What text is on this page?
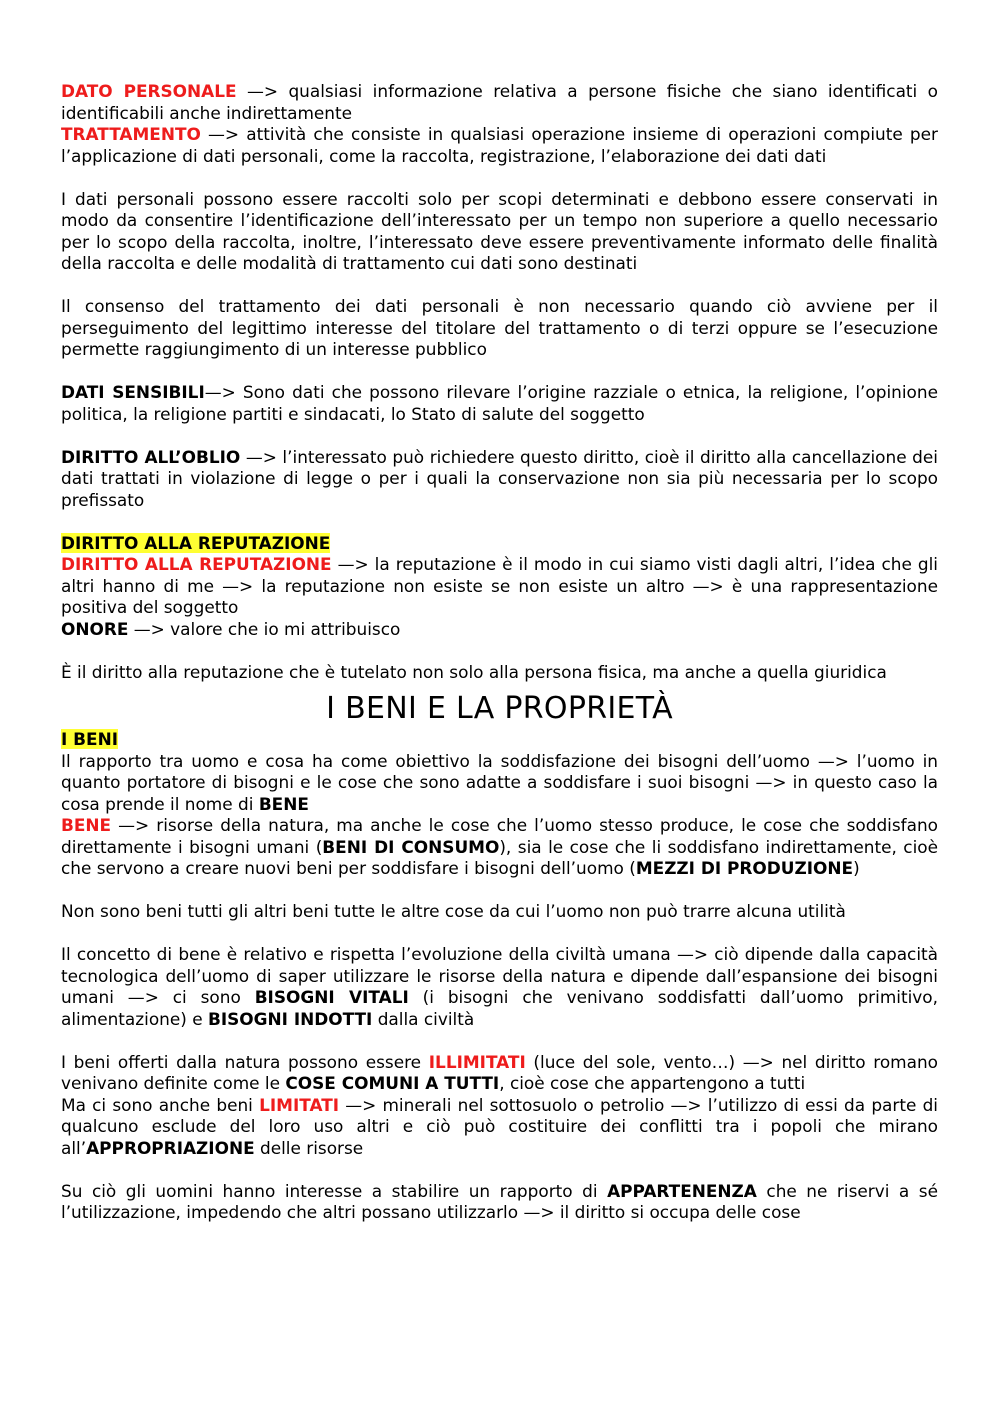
DATO PERSONALE —> qualsiasi informazione relativa a persone fisiche che siano identificati o identificabili anche indirettamente

TRATTAMENTO —> attività che consiste in qualsiasi operazione insieme di operazioni compiute per l’applicazione di dati personali, come la raccolta, registrazione, l’elaborazione dei dati dati

I dati personali possono essere raccolti solo per scopi determinati e debbono essere conservati in modo da consentire l’identificazione dell’interessato per un tempo non superiore a quello necessario per lo scopo della raccolta, inoltre, l’interessato deve essere preventivamente informato delle finalità della raccolta e delle modalità di trattamento cui dati sono destinati

Il consenso del trattamento dei dati personali è non necessario quando ciò avviene per il perseguimento del legittimo interesse del titolare del trattamento o di terzi oppure se l’esecuzione permette raggiungimento di un interesse pubblico

DATI SENSIBILI—> Sono dati che possono rilevare l’origine razziale o etnica, la religione, l’opinione politica, la religione partiti e sindacati, lo Stato di salute del soggetto

DIRITTO ALL’OBLIO —> l’interessato può richiedere questo diritto, cioè il diritto alla cancellazione dei dati trattati in violazione di legge o per i quali la conservazione non sia più necessaria per lo scopo prefissato

DIRITTO ALLA REPUTAZIONE

DIRITTO ALLA REPUTAZIONE —> la reputazione è il modo in cui siamo visti dagli altri, l’idea che gli altri hanno di me —> la reputazione non esiste se non esiste un altro —> è una rappresentazione positiva del soggetto

ONORE —> valore che io mi attribuisco

È il diritto alla reputazione che è tutelato non solo alla persona fisica, ma anche a quella giuridica

I BENI E LA PROPRIETÀ

I BENI

Il rapporto tra uomo e cosa ha come obiettivo la soddisfazione dei bisogni dell’uomo —> l’uomo in quanto portatore di bisogni e le cose che sono adatte a soddisfare i suoi bisogni —> in questo caso la cosa prende il nome di BENE

BENE —> risorse della natura, ma anche le cose che l’uomo stesso produce, le cose che soddisfano direttamente i bisogni umani (BENI DI CONSUMO), sia le cose che li soddisfano indirettamente, cioè che servono a creare nuovi beni per soddisfare i bisogni dell’uomo (MEZZI DI PRODUZIONE)

Non sono beni tutti gli altri beni tutte le altre cose da cui l’uomo non può trarre alcuna utilità

Il concetto di bene è relativo e rispetta l’evoluzione della civiltà umana —> ciò dipende dalla capacità tecnologica dell’uomo di saper utilizzare le risorse della natura e dipende dall’espansione dei bisogni umani —> ci sono BISOGNI VITALI (i bisogni che venivano soddisfatti dall’uomo primitivo, alimentazione) e BISOGNI INDOTTI dalla civiltà

I beni offerti dalla natura possono essere ILLIMITATI (luce del sole, vento…) —> nel diritto romano venivano definite come le COSE COMUNI A TUTTI, cioè cose che appartengono a tutti

Ma ci sono anche beni LIMITATI —> minerali nel sottosuolo o petrolio —> l’utilizzo di essi da parte di qualcuno esclude del loro uso altri e ciò può costituire dei conflitti tra i popoli che mirano all’APPROPRIAZIONE delle risorse

Su ciò gli uomini hanno interesse a stabilire un rapporto di APPARTENENZA che ne riservi a sé l’utilizzazione, impedendo che altri possano utilizzarlo —> il diritto si occupa delle cose
